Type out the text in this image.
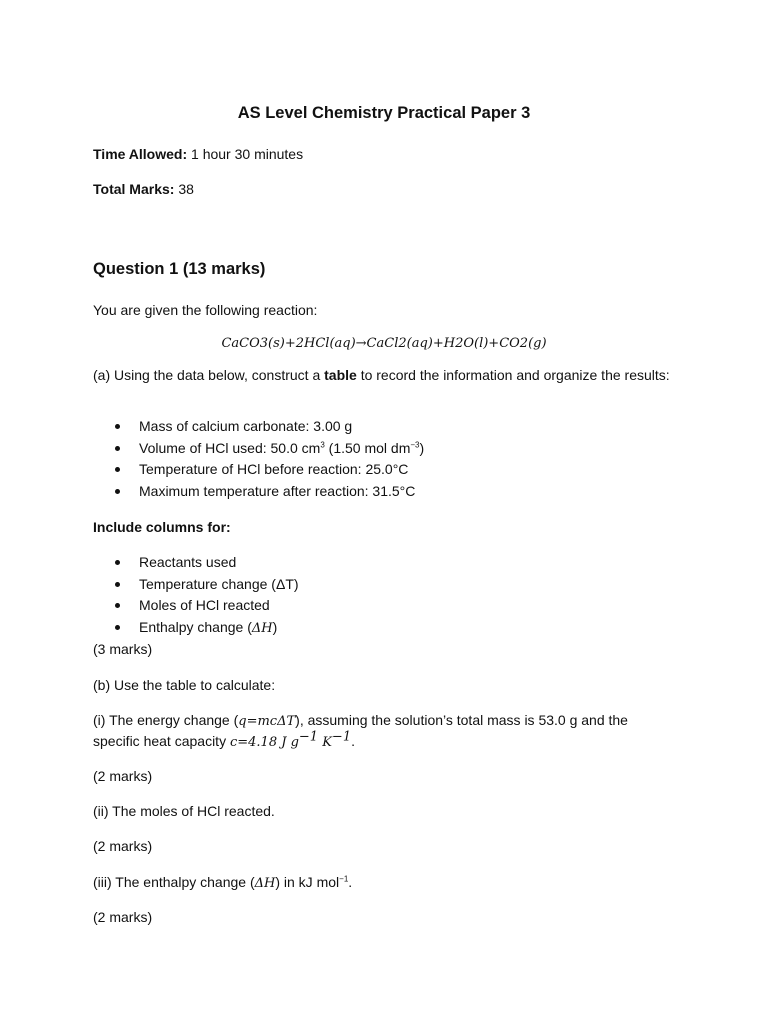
AS Level Chemistry Practical Paper 3
Time Allowed: 1 hour 30 minutes
Total Marks: 38
Question 1 (13 marks)
You are given the following reaction:
CaCO3(s)+2HCl(aq)→CaCl2(aq)+H2O(l)+CO2(g)
(a) Using the data below, construct a table to record the information and organize the results:
Mass of calcium carbonate: 3.00 g
Volume of HCl used: 50.0 $cm^3$ (1.50 mol $dm^{-3}$)
Temperature of HCl before reaction: 25.0°C
Maximum temperature after reaction: 31.5°C
Include columns for:
Reactants used
Temperature change (ΔT)
Moles of HCl reacted
Enthalpy change (ΔH)
(3 marks)
(b) Use the table to calculate:
(i) The energy change (q=mcΔT), assuming the solution’s total mass is 53.0 g and the
specific heat capacity c=4.18 J $g^{-1}$ $K^{-1}$.
(2 marks)
(ii) The moles of HCl reacted.
(2 marks)
(iii) The enthalpy change (ΔH) in kJ mol$^{-1}$.
(2 marks)
